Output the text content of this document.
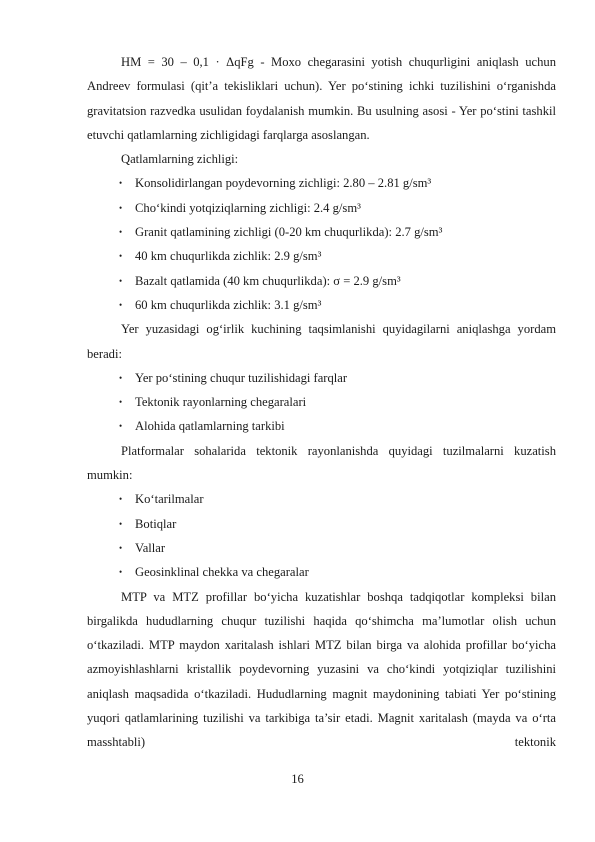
HM = 30 – 0,1 · ΔqFg - Moxo chegarasini yotish chuqurligini aniqlash uchun Andreev formulasi (qit’a tekisliklari uchun). Yer po‘stining ichki tuzilishini o‘rganishda gravitatsion razvedka usulidan foydalanish mumkin. Bu usulning asosi - Yer po‘stini tashkil etuvchi qatlamlarning zichligidagi farqlarga asoslangan.

Qatlamlarning zichligi:

• Konsolidirlangan poydevorning zichligi: 2.80 – 2.81 g/sm³
• Cho‘kindi yotqiziqlarning zichligi: 2.4 g/sm³
• Granit qatlamining zichligi (0-20 km chuqurlikda): 2.7 g/sm³
• 40 km chuqurlikda zichlik: 2.9 g/sm³
• Bazalt qatlamida (40 km chuqurlikda): σ = 2.9 g/sm³
• 60 km chuqurlikda zichlik: 3.1 g/sm³

Yer yuzasidagi og‘irlik kuchining taqsimlanishi quyidagilarni aniqlashga yordam beradi:

• Yer po‘stining chuqur tuzilishidagi farqlar
• Tektonik rayonlarning chegaralari
• Alohida qatlamlarning tarkibi

Platformalar sohalarida tektonik rayonlanishda quyidagi tuzilmalarni kuzatish mumkin:

• Ko‘tarilmalar
• Botiqlar
• Vallar
• Geosinklinal chekka va chegaralar

MTP va MTZ profillar bo‘yicha kuzatishlar boshqa tadqiqotlar kompleksi bilan birgalikda hududlarning chuqur tuzilishi haqida qo‘shimcha ma’lumotlar olish uchun o‘tkaziladi. MTP maydon xaritalash ishlari MTZ bilan birga va alohida profillar bo‘yicha azmoyishlashlarni kristallik poydevorning yuzasini va cho‘kindi yotqiziqlar tuzilishini aniqlash maqsadida o‘tkaziladi. Hududlarning magnit maydonining tabiati Yer po‘stining yuqori qatlamlarining tuzilishi va tarkibiga ta’sir etadi. Magnit xaritalash (mayda va o‘rta masshtabli) tektonik

16
